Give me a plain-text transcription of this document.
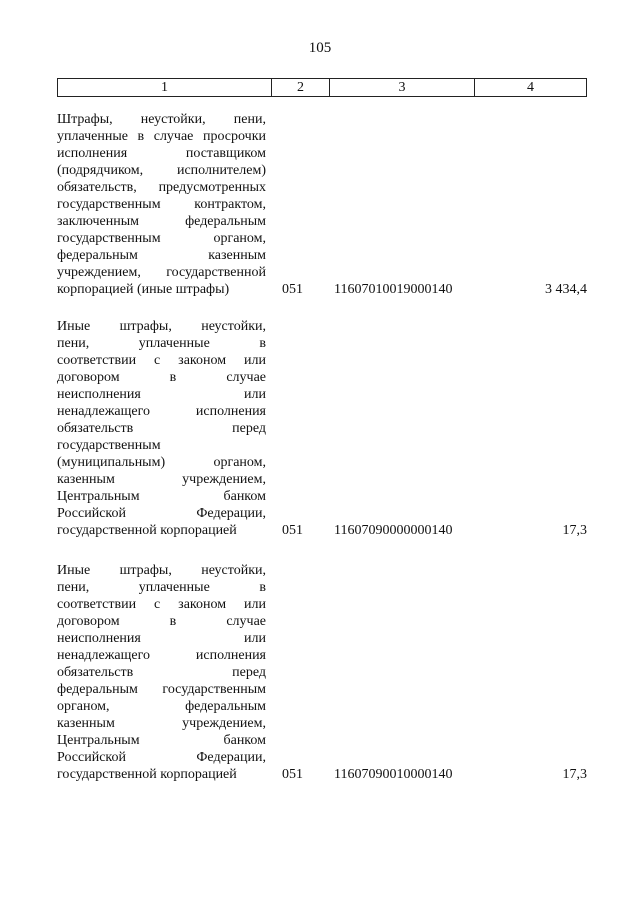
105
1	2	3	4
Штрафы, неустойки, пени,
уплаченные в случае просрочки
исполнения поставщиком
(подрядчиком, исполнителем)
обязательств, предусмотренных
государственным контрактом,
заключенным федеральным
государственным органом,
федеральным казенным
учреждением, государственной
корпорацией (иные штрафы)	051	11607010019000140	3 434,4
Иные штрафы, неустойки,
пени, уплаченные в
соответствии с законом или
договором в случае
неисполнения или
ненадлежащего исполнения
обязательств перед
государственным
(муниципальным) органом,
казенным учреждением,
Центральным банком
Российской Федерации,
государственной корпорацией	051	11607090000000140	17,3
Иные штрафы, неустойки,
пени, уплаченные в
соответствии с законом или
договором в случае
неисполнения или
ненадлежащего исполнения
обязательств перед
федеральным государственным
органом, федеральным
казенным учреждением,
Центральным банком
Российской Федерации,
государственной корпорацией	051	11607090010000140	17,3
